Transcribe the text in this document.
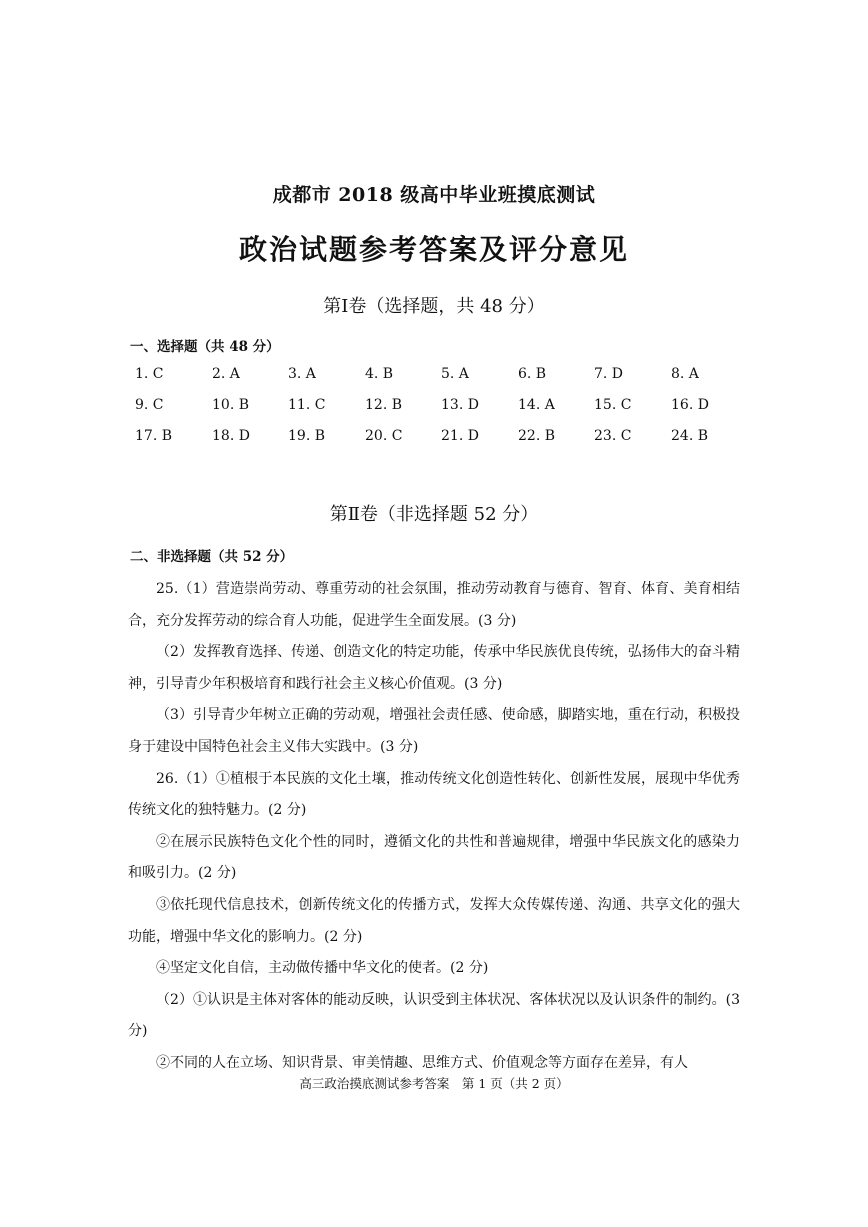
成都市 2018 级高中毕业班摸底测试
政治试题参考答案及评分意见
第Ⅰ卷（选择题，共 48 分）
一、选择题（共 48 分）
1. C	2. A	3. A	4. B	5. A	6. B	7. D	8. A
9. C	10. B	11. C	12. B	13. D	14. A	15. C	16. D
17. B	18. D	19. B	20. C	21. D	22. B	23. C	24. B
第Ⅱ卷（非选择题 52 分）
二、非选择题（共 52 分）

25.（1）营造崇尚劳动、尊重劳动的社会氛围，推动劳动教育与德育、智育、体育、美育相结合，充分发挥劳动的综合育人功能，促进学生全面发展。(3 分)

（2）发挥教育选择、传递、创造文化的特定功能，传承中华民族优良传统，弘扬伟大的奋斗精神，引导青少年积极培育和践行社会主义核心价值观。(3 分)

（3）引导青少年树立正确的劳动观，增强社会责任感、使命感，脚踏实地，重在行动，积极投身于建设中国特色社会主义伟大实践中。(3 分)

26.（1）①植根于本民族的文化土壤，推动传统文化创造性转化、创新性发展，展现中华优秀传统文化的独特魅力。(2 分)

②在展示民族特色文化个性的同时，遵循文化的共性和普遍规律，增强中华民族文化的感染力和吸引力。(2 分)

③依托现代信息技术，创新传统文化的传播方式，发挥大众传媒传递、沟通、共享文化的强大功能，增强中华文化的影响力。(2 分)

④坚定文化自信，主动做传播中华文化的使者。(2 分)

（2）①认识是主体对客体的能动反映，认识受到主体状况、客体状况以及认识条件的制约。(3 分)

②不同的人在立场、知识背景、审美情趣、思维方式、价值观念等方面存在差异，有人

高三政治摸底测试参考答案　第 1 页（共 2 页）
